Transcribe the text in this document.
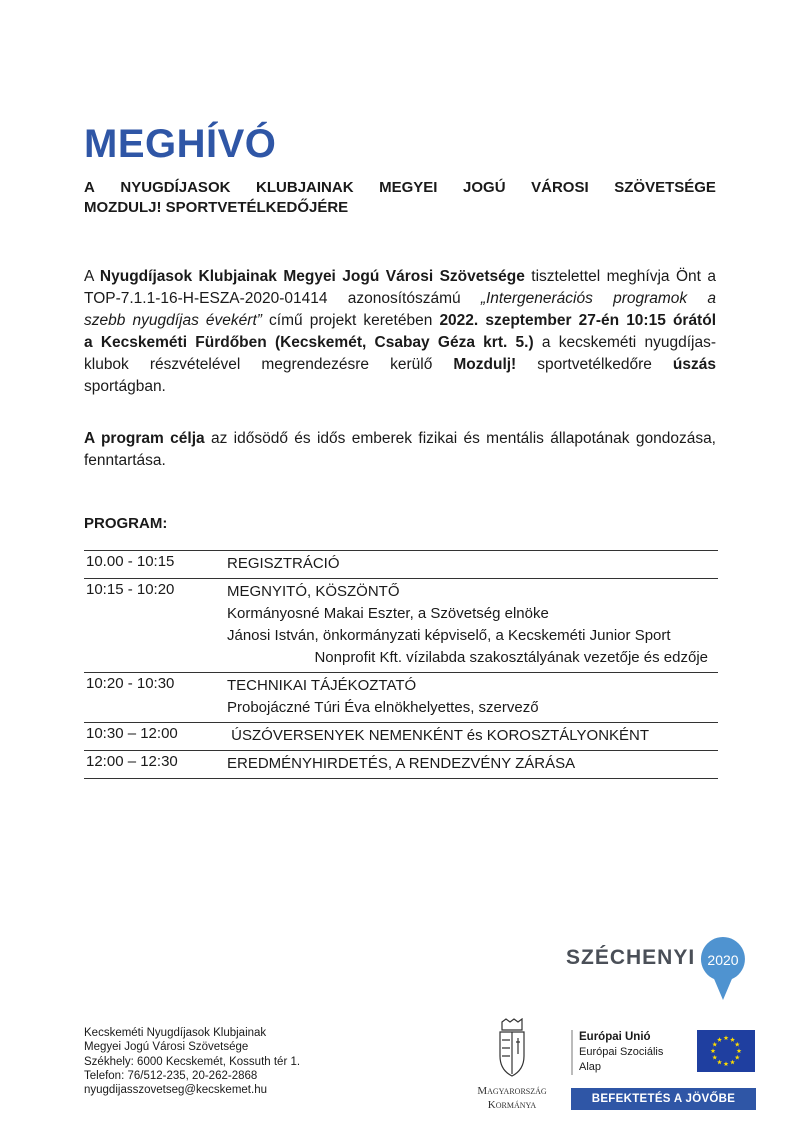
MEGHÍVÓ
A NYUGDÍJASOK KLUBJAINAK MEGYEI JOGÚ VÁROSI SZÖVETSÉGE
MOZDULJ! SPORTVETÉLKEDŐJÉRE
A Nyugdíjasok Klubjainak Megyei Jogú Városi Szövetsége tisztelettel meghívja Önt a
TOP-7.1.1-16-H-ESZA-2020-01414 azonosítószámú „Intergenerációs programok a
szebb nyugdíjas évekért” című projekt keretében 2022. szeptember 27-én 10:15 órától
a Kecskeméti Fürdőben (Kecskemét, Csabay Géza krt. 5.) a kecskeméti nyugdíjas-
klubok részvételével megrendezésre kerülő Mozdulj! sportvetélkedőre úszás
sportágban.
A program célja az idősödő és idős emberek fizikai és mentális állapotának gondozása,
fenntartása.
PROGRAM:
10.00 - 10:15	REGISZTRÁCIÓ
10:15 - 10:20	MEGNYITÓ, KÖSZÖNTŐ
Kormányosné Makai Eszter, a Szövetség elnöke
Jánosi István, önkormányzati képviselő, a Kecskeméti Junior Sport
Nonprofit Kft. vízilabda szakosztályának vezetője és edzője
10:20 - 10:30	TECHNIKAI TÁJÉKOZTATÓ
Probojáczné Túri Éva elnökhelyettes, szervező
10:30 – 12:00	ÚSZÓVERSENYEK NEMENKÉNT és KOROSZTÁLYONKÉNT
12:00 – 12:30	EREDMÉNYHIRDETÉS, A RENDEZVÉNY ZÁRÁSA
Kecskeméti Nyugdíjasok Klubjainak
Megyei Jogú Városi Szövetsége
Székhely: 6000 Kecskemét, Kossuth tér 1.
Telefon: 76/512-235, 20-262-2868
nyugdijasszovetseg@kecskemet.hu
SZÉCHENYI 2020
Magyarország
Kormánya
Európai Unió
Európai Szociális
Alap
BEFEKTETÉS A JÖVŐBE
